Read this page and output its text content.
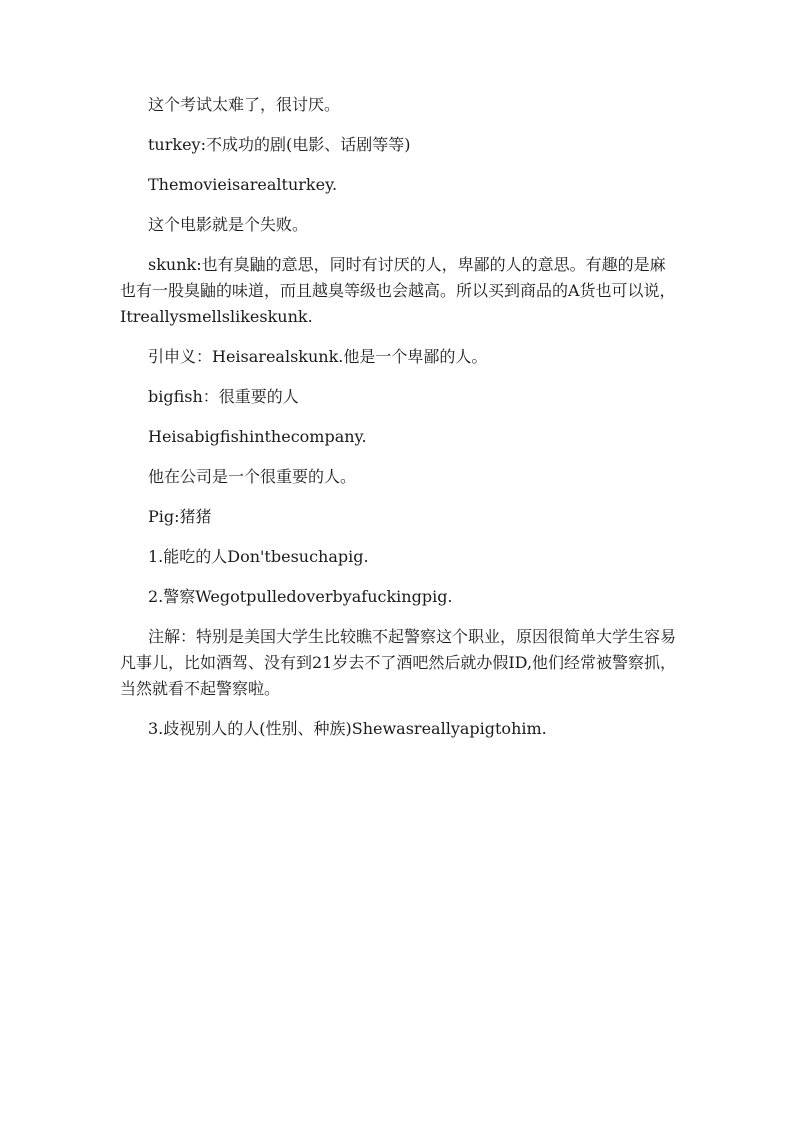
这个考试太难了，很讨厌。

turkey:不成功的剧(电影、话剧等等)

Themovieisarealturkey.

这个电影就是个失败。

skunk:也有臭鼬的意思，同时有讨厌的人，卑鄙的人的意思。有趣的是麻也有一股臭鼬的味道，而且越臭等级也会越高。所以买到商品的A货也可以说，Itreallysmellslikeskunk.

引申义：Heisarealskunk.他是一个卑鄙的人。

bigfish：很重要的人

Heisabigfishinthecompany.

他在公司是一个很重要的人。

Pig:猪猪

1.能吃的人Don'tbesuchapig.

2.警察Wegotpulledoverbyafuckingpig.

注解：特别是美国大学生比较瞧不起警察这个职业，原因很简单大学生容易凡事儿，比如酒驾、没有到21岁去不了酒吧然后就办假ID,他们经常被警察抓，当然就看不起警察啦。

3.歧视别人的人(性别、种族)Shewasreallyapigtohim.
